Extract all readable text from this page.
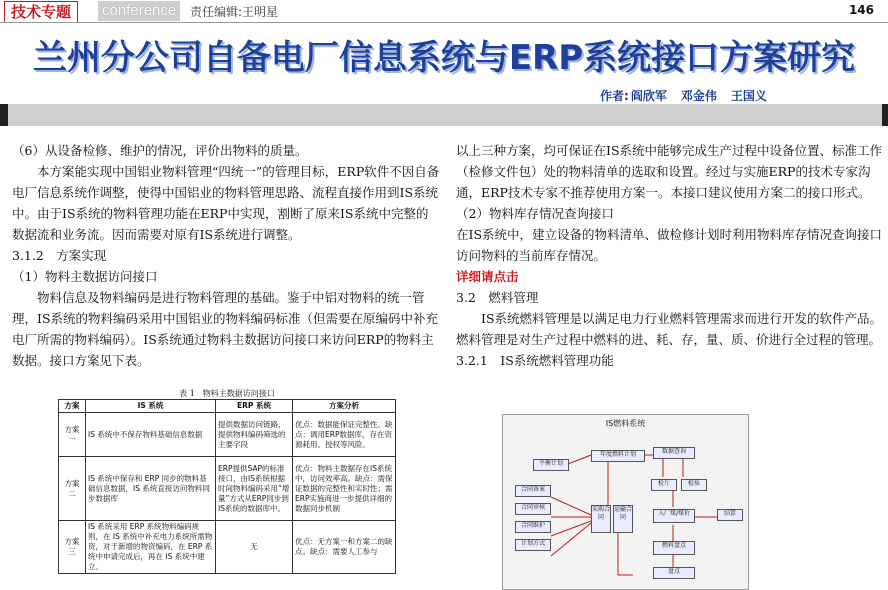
技术专题	conference	责任编辑:王明星	146
兰州分公司自备电厂信息系统与ERP系统接口方案研究
作者: 阎欣军 邓金伟 王国义

（6）从设备检修、维护的情况，评价出物料的质量。

本方案能实现中国铝业物料管理“四统一”的管理目标，ERP软件不因自备电厂信息系统作调整，使得中国铝业的物料管理思路、流程直接作用到IS系统中。由于IS系统的物料管理功能在ERP中实现，割断了原来IS系统中完整的数据流和业务流。因而需要对原有IS系统进行调整。

3.1.2　方案实现

（1）物料主数据访问接口

物料信息及物料编码是进行物料管理的基础。鉴于中铝对物料的统一管理，IS系统的物料编码采用中国铝业的物料编码标准（但需要在原编码中补充电厂所需的物料编码）。IS系统通过物料主数据访问接口来访问ERP的物料主数据。接口方案见下表。

表 1　物料主数据访问接口
方案	IS 系统	ERP 系统	方案分析
方案一	IS 系统中不保存物料基础信息数据	提供数据访问链路，提供物料编码筛选的主要字段	优点：数据能保证完整性。缺点：调用ERP数据库，存在资源耗用、授权等风险。
方案二	IS 系统中保存和 ERP 同步的物料基础信息数据，IS 系统直接访问物料同步数据库	ERP提供SAP的标准接口，由IS系统根据时间物料编码采用“增量”方式从ERP同步到IS系统的数据库中。	优点：物料主数据存在IS系统中，访问效率高。缺点：需保证数据的完整性和实时性；需ERP实施商进一步提供详细的数据同步机制
方案三	IS 系统采用 ERP 系统物料编码规则，在 IS 系统中补充电力系统所需物资，对于新增的物资编码，在 ERP 系统中申请完成后，再在 IS 系统中建立。	无	优点：无方案一和方案二的缺点。缺点：需要人工参与

以上三种方案，均可保证在IS系统中能够完成生产过程中设备位置、标准工作（检修文件包）处的物料清单的选取和设置。经过与实施ERP的技术专家沟通，ERP技术专家不推荐使用方案一。本接口建议使用方案二的接口形式。

（2）物料库存情况查询接口

在IS系统中，建立设备的物料清单、做检修计划时利用物料库存情况查询接口访问物料的当前库存情况。

详细请点击

3.2　燃料管理

IS系统燃料管理是以满足电力行业燃料管理需求而进行开发的软件产品。燃料管理是对生产过程中燃料的进、耗、存，量、质、价进行全过程的管理。

3.2.1　IS系统燃料管理功能

IS燃料系统
平衡计划
年度燃料计划
合同备案
合同审核
合同维护
计划方式
采购合同
运输合同
数据查询
检斤	检质
入厂煤/煤价	结算
燃料盘点
盘点
